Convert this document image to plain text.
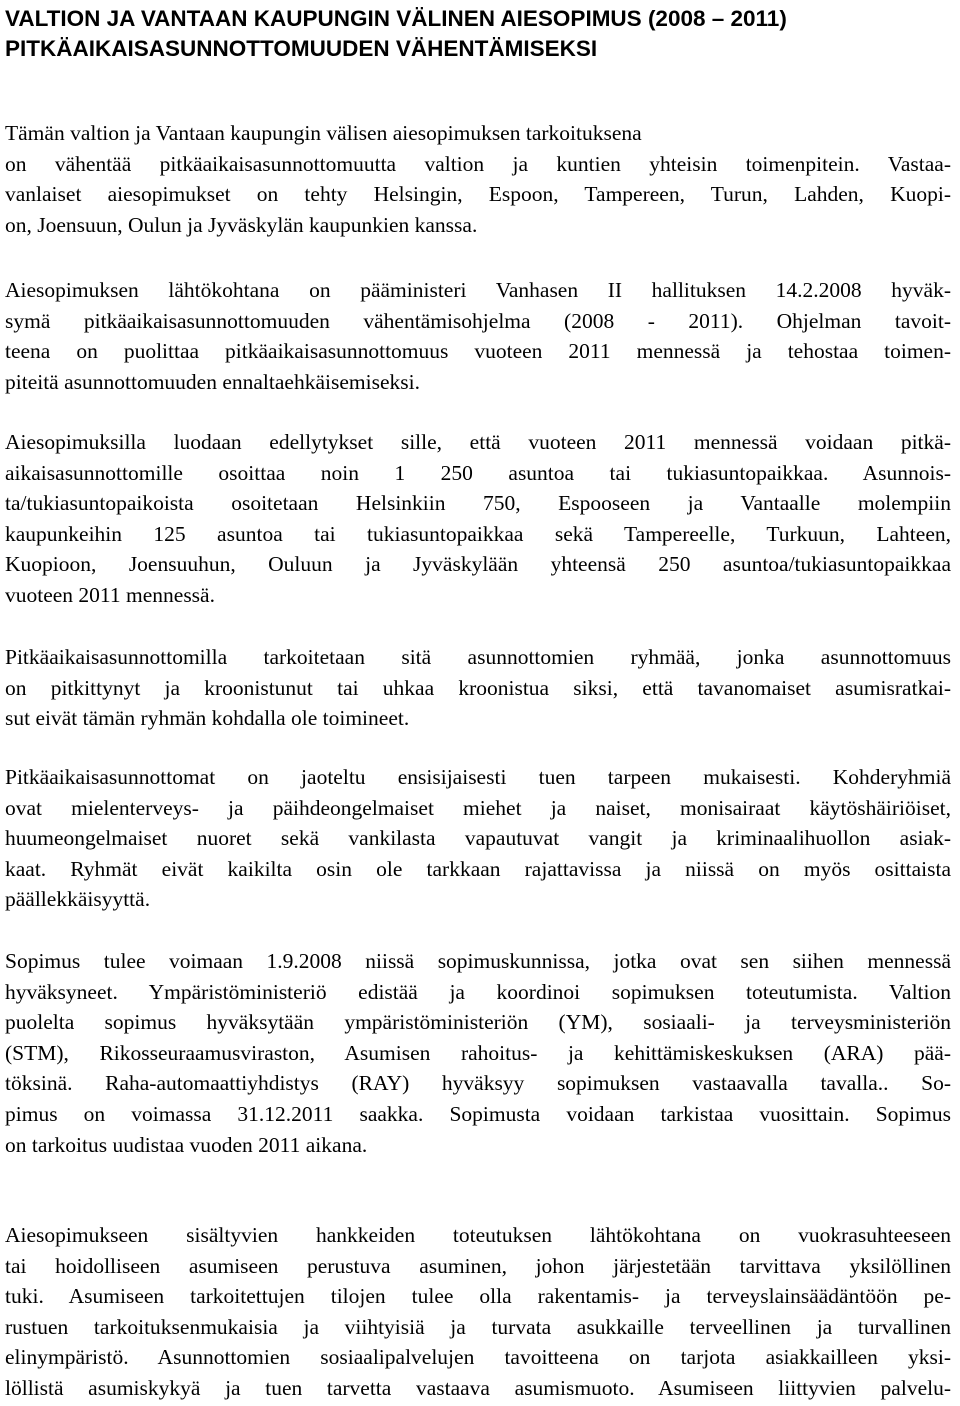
VALTION JA VANTAAN KAUPUNGIN VÄLINEN AIESOPIMUS (2008 – 2011)
PITKÄAIKAISASUNNOTTOMUUDEN VÄHENTÄMISEKSI

Tämän valtion ja Vantaan kaupungin välisen aiesopimuksen tarkoituksena
on vähentää pitkäaikaisasunnottomuutta valtion ja kuntien yhteisin toimenpitein. Vastaa-
vanlaiset aiesopimukset on tehty Helsingin, Espoon, Tampereen, Turun, Lahden, Kuopi-
on, Joensuun, Oulun ja Jyväskylän kaupunkien kanssa.

Aiesopimuksen lähtökohtana on pääministeri Vanhasen II hallituksen 14.2.2008 hyväk-
symä pitkäaikaisasunnottomuuden vähentämisohjelma (2008 - 2011). Ohjelman tavoit-
teena on puolittaa pitkäaikaisasunnottomuus vuoteen 2011 mennessä ja tehostaa toimen-
piteitä asunnottomuuden ennaltaehkäisemiseksi.

Aiesopimuksilla luodaan edellytykset sille, että vuoteen 2011 mennessä voidaan pitkä-
aikaisasunnottomille osoittaa noin 1 250 asuntoa tai tukiasuntopaikkaa. Asunnois-
ta/tukiasuntopaikoista osoitetaan Helsinkiin 750, Espooseen ja Vantaalle molempiin
kaupunkeihin 125 asuntoa tai tukiasuntopaikkaa sekä Tampereelle, Turkuun, Lahteen,
Kuopioon, Joensuuhun, Ouluun ja Jyväskylään yhteensä 250 asuntoa/tukiasuntopaikkaa
vuoteen 2011 mennessä.

Pitkäaikaisasunnottomilla tarkoitetaan sitä asunnottomien ryhmää, jonka asunnottomuus
on pitkittynyt ja kroonistunut tai uhkaa kroonistua siksi, että tavanomaiset asumisratkai-
sut eivät tämän ryhmän kohdalla ole toimineet.

Pitkäaikaisasunnottomat on jaoteltu ensisijaisesti tuen tarpeen mukaisesti. Kohderyhmiä
ovat mielenterveys- ja päihdeongelmaiset miehet ja naiset, monisairaat käytöshäiriöiset,
huumeongelmaiset nuoret sekä vankilasta vapautuvat vangit ja kriminaalihuollon asiak-
kaat. Ryhmät eivät kaikilta osin ole tarkkaan rajattavissa ja niissä on myös osittaista
päällekkäisyyttä.

Sopimus tulee voimaan 1.9.2008 niissä sopimuskunnissa, jotka ovat sen siihen mennessä
hyväksyneet. Ympäristöministeriö edistää ja koordinoi sopimuksen toteutumista. Valtion
puolelta sopimus hyväksytään ympäristöministeriön (YM), sosiaali- ja terveysministeriön
(STM), Rikosseuraamusviraston, Asumisen rahoitus- ja kehittämiskeskuksen (ARA) pää-
töksinä. Raha-automaattiyhdistys (RAY) hyväksyy sopimuksen vastaavalla tavalla.. So-
pimus on voimassa 31.12.2011 saakka. Sopimusta voidaan tarkistaa vuosittain. Sopimus
on tarkoitus uudistaa vuoden 2011 aikana.

Aiesopimukseen sisältyvien hankkeiden toteutuksen lähtökohtana on vuokrasuhteeseen
tai hoidolliseen asumiseen perustuva asuminen, johon järjestetään tarvittava yksilöllinen
tuki. Asumiseen tarkoitettujen tilojen tulee olla rakentamis- ja terveyslainsäädäntöön pe-
rustuen tarkoituksenmukaisia ja viihtyisiä ja turvata asukkaille terveellinen ja turvallinen
elinympäristö. Asunnottomien sosiaalipalvelujen tavoitteena on tarjota asiakkailleen yksi-
löllistä asumiskykyä ja tuen tarvetta vastaava asumismuoto. Asumiseen liittyvien palvelu-
